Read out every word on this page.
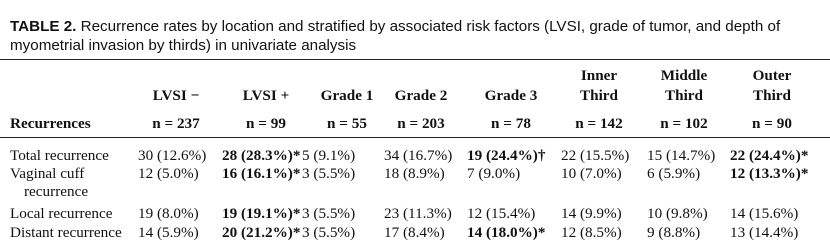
TABLE 2. Recurrence rates by location and stratified by associated risk factors (LVSI, grade of tumor, and depth of myometrial invasion by thirds) in univariate analysis
Recurrences
LVSI −
n = 237
LVSI +
n = 99
Grade 1
n = 55
Grade 2
n = 203
Grade 3
n = 78
Inner
Third
n = 142
Middle
Third
n = 102
Outer
Third
n = 90
Total recurrence 30 (12.6%) 28 (28.3%)* 5 (9.1%) 34 (16.7%) 19 (24.4%)† 22 (15.5%) 15 (14.7%) 22 (24.4%)*
Vaginal cuff
recurrence
12 (5.0%) 16 (16.1%)* 3 (5.5%) 18 (8.9%) 7 (9.0%)	10 (7.0%) 6 (5.9%) 12 (13.3%)*
Local recurrence 19 (8.0%) 19 (19.1%)* 3 (5.5%) 23 (11.3%) 12 (15.4%) 14 (9.9%) 10 (9.8%) 14 (15.6%)
Distant recurrence 14 (5.9%) 20 (21.2%)* 3 (5.5%) 17 (8.4%) 14 (18.0%)* 12 (8.5%) 9 (8.8%) 13 (14.4%)
